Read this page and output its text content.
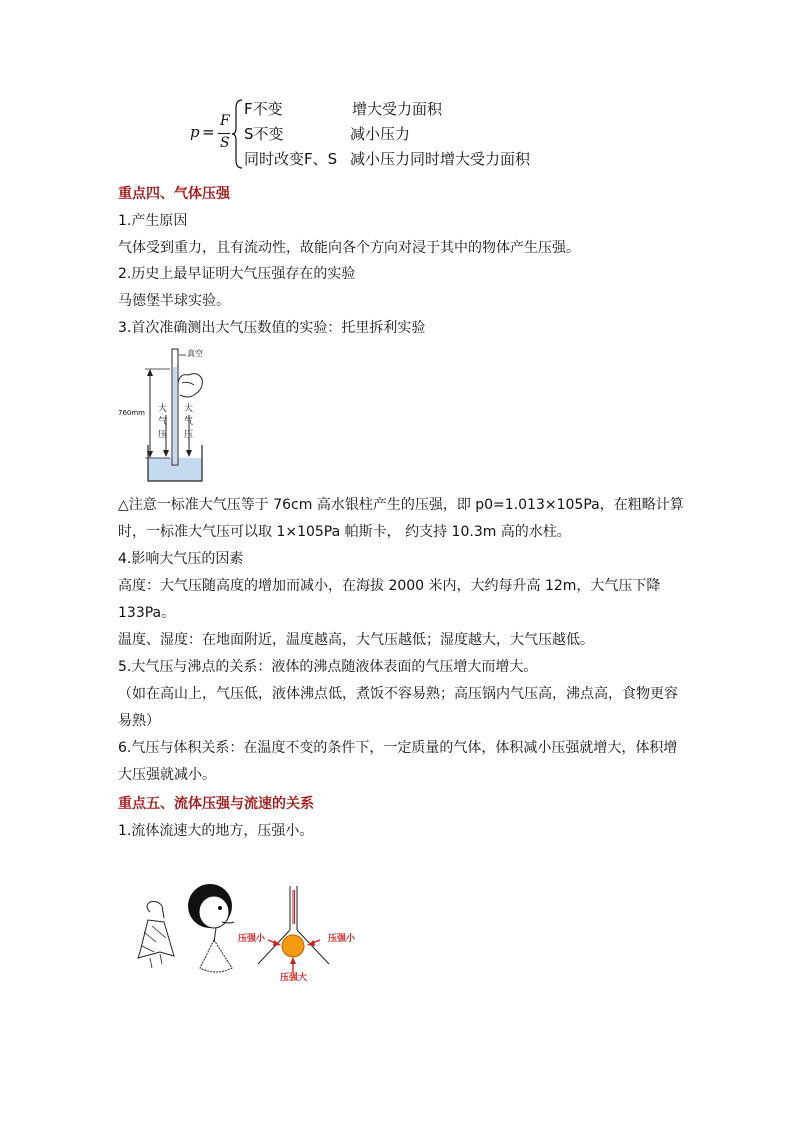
p =
F
S
F不变	增大受力面积
S不变	减小压力
同时改变F、S 减小压力同时增大受力面积
重点四、气体压强
1.产生原因
气体受到重力，且有流动性，故能向各个方向对浸于其中的物体产生压强。
2.历史上最早证明大气压强存在的实验
马德堡半球实验。
3.首次准确测出大气压数值的实验：托里拆利实验
真空
760mm 大气压
大气压
△注意一标准大气压等于 76cm 高水银柱产生的压强，即 p0=1.013×105Pa，在粗略计算
时，一标准大气压可以取 1×105Pa 帕斯卡， 约支持 10.3m 高的水柱。
4.影响大气压的因素
高度：大气压随高度的增加而减小，在海拔 2000 米内，大约每升高 12m，大气压下降
133Pa。
温度、湿度：在地面附近，温度越高，大气压越低；湿度越大，大气压越低。
5.大气压与沸点的关系：液体的沸点随液体表面的气压增大而增大。
（如在高山上，气压低，液体沸点低，煮饭不容易熟；高压锅内气压高，沸点高，食物更容
易熟）
6.气压与体积关系：在温度不变的条件下，一定质量的气体，体积减小压强就增大，体积增
大压强就减小。
重点五、流体压强与流速的关系
1.流体流速大的地方，压强小。
压强小	压强小
压强大
